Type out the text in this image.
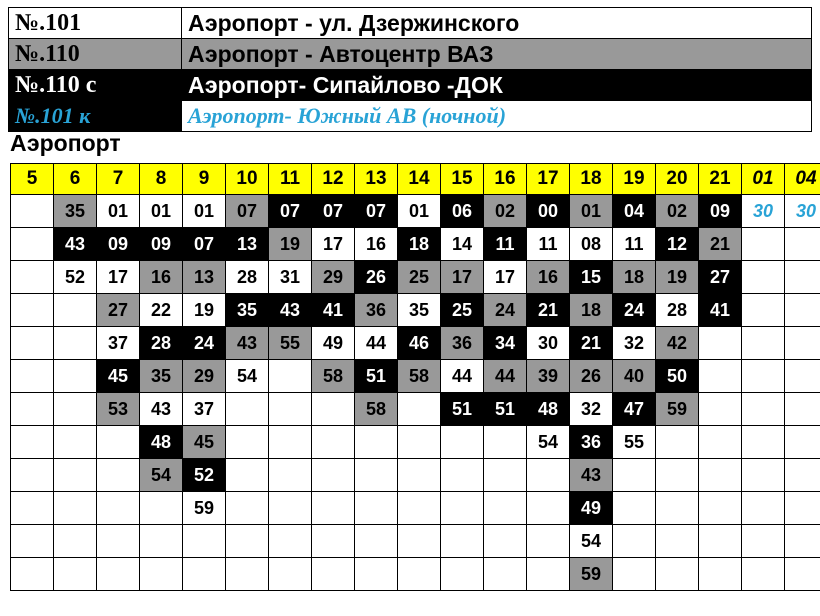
№.101	Аэропорт - ул. Дзержинского
№.110	Аэропорт - Автоцентр ВАЗ
№.110 с	Аэропорт- Сипайлово -ДОК
№.101 к	Аэропорт- Южный АВ (ночной)
Аэропорт
5	6	7	8	9	10	11	12	13	14	15	16	17	18	19	20	21	01	04
	35	01	01	01	07	07	07	07	01	06	02	00	01	04	02	09	30	30
	43	09	09	07	13	19	17	16	18	14	11	11	08	11	12	21		
	52	17	16	13	28	31	29	26	25	17	17	16	15	18	19	27		
		27	22	19	35	43	41	36	35	25	24	21	18	24	28	41		
		37	28	24	43	55	49	44	46	36	34	30	21	32	42			
		45	35	29	54		58	51	58	44	44	39	26	40	50			
		53	43	37				58		51	51	48	32	47	59			
			48	45								54	36	55				
			54	52									43					
				59									49					
													54					
													59					
